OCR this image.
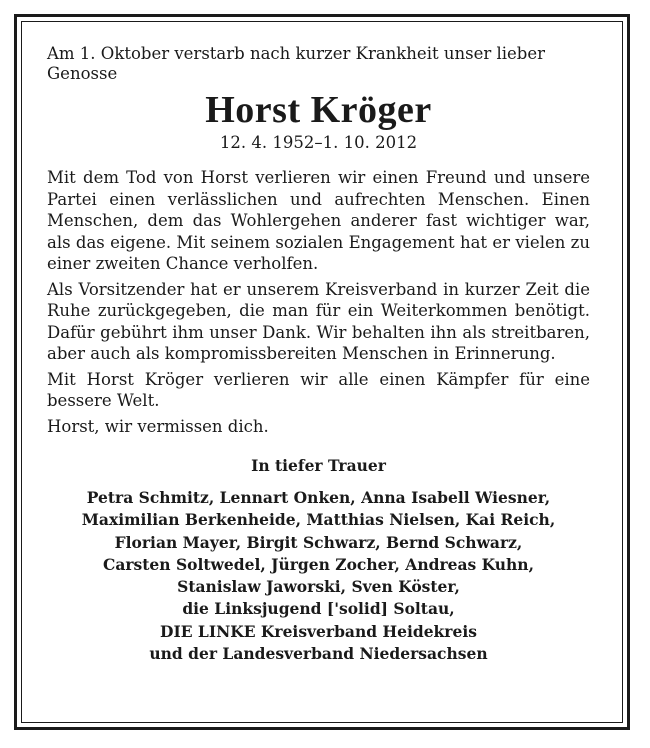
Am 1. Oktober verstarb nach kurzer Krankheit unser lieber Genosse

Horst Kröger

12. 4. 1952–1. 10. 2012

Mit dem Tod von Horst verlieren wir einen Freund und unsere Partei einen verlässlichen und aufrechten Menschen. Einen Menschen, dem das Wohlergehen anderer fast wichtiger war, als das eigene. Mit seinem sozialen Engagement hat er vielen zu einer zweiten Chance verholfen.

Als Vorsitzender hat er unserem Kreisverband in kurzer Zeit die Ruhe zurückgegeben, die man für ein Weiterkommen benötigt. Dafür gebührt ihm unser Dank. Wir behalten ihn als streitbaren, aber auch als kompromissbereiten Menschen in Erinnerung.

Mit Horst Kröger verlieren wir alle einen Kämpfer für eine bessere Welt.

Horst, wir vermissen dich.

In tiefer Trauer

Petra Schmitz, Lennart Onken, Anna Isabell Wiesner,
Maximilian Berkenheide, Matthias Nielsen, Kai Reich,
Florian Mayer, Birgit Schwarz, Bernd Schwarz,
Carsten Soltwedel, Jürgen Zocher, Andreas Kuhn,
Stanislaw Jaworski, Sven Köster,
die Linksjugend ['solid] Soltau,
DIE LINKE Kreisverband Heidekreis
und der Landesverband Niedersachsen
